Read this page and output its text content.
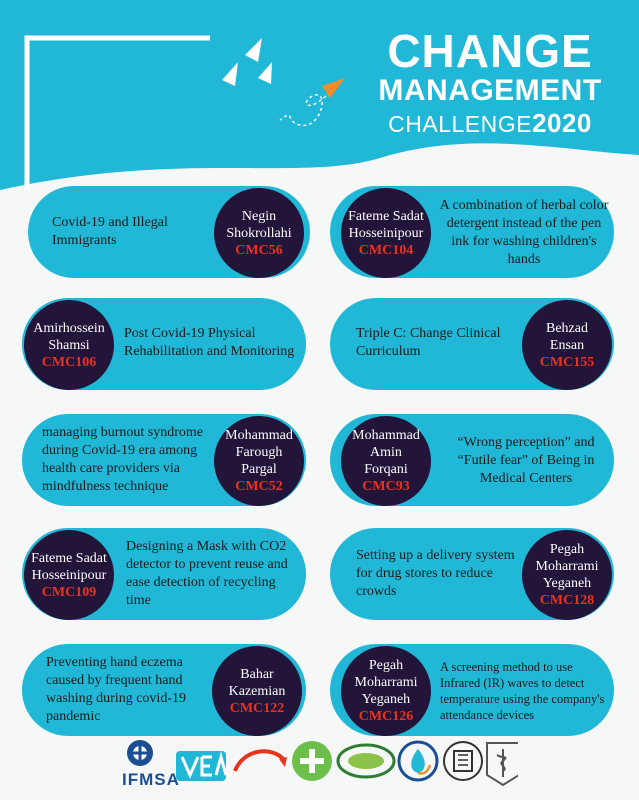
CHANGE
MANAGEMENT
CHALLENGE2020
Covid-19 and Illegal Immigrants
Negin
Shokrollahi
CMC56
Fateme Sadat
Hosseinipour
CMC104
A combination of herbal color detergent instead of the pen ink for washing children's hands
Amirhossein
Shamsi
CMC106
Post Covid-19 Physical Rehabilitation and Monitoring
Triple C: Change Clinical Curriculum
Behzad
Ensan
CMC155
managing burnout syndrome during Covid-19 era among health care providers via mindfulness technique
Mohammad
Farough
Pargal
CMC52
Mohammad
Amin
Forqani
CMC93
“Wrong perception” and “Futile fear” of Being in Medical Centers
Fateme Sadat
Hosseinipour
CMC109
Designing a Mask with CO2 detector to prevent reuse and ease detection of recycling time
Setting up a delivery system for drug stores to reduce crowds
Pegah
Moharrami
Yeganeh
CMC128
Preventing hand eczema caused by frequent hand washing during covid-19 pandemic
Bahar
Kazemian
CMC122
Pegah
Moharrami
Yeganeh
CMC126
A screening method to use Infrared (IR) waves to detect temperature using the company's attendance devices
IFMSA
